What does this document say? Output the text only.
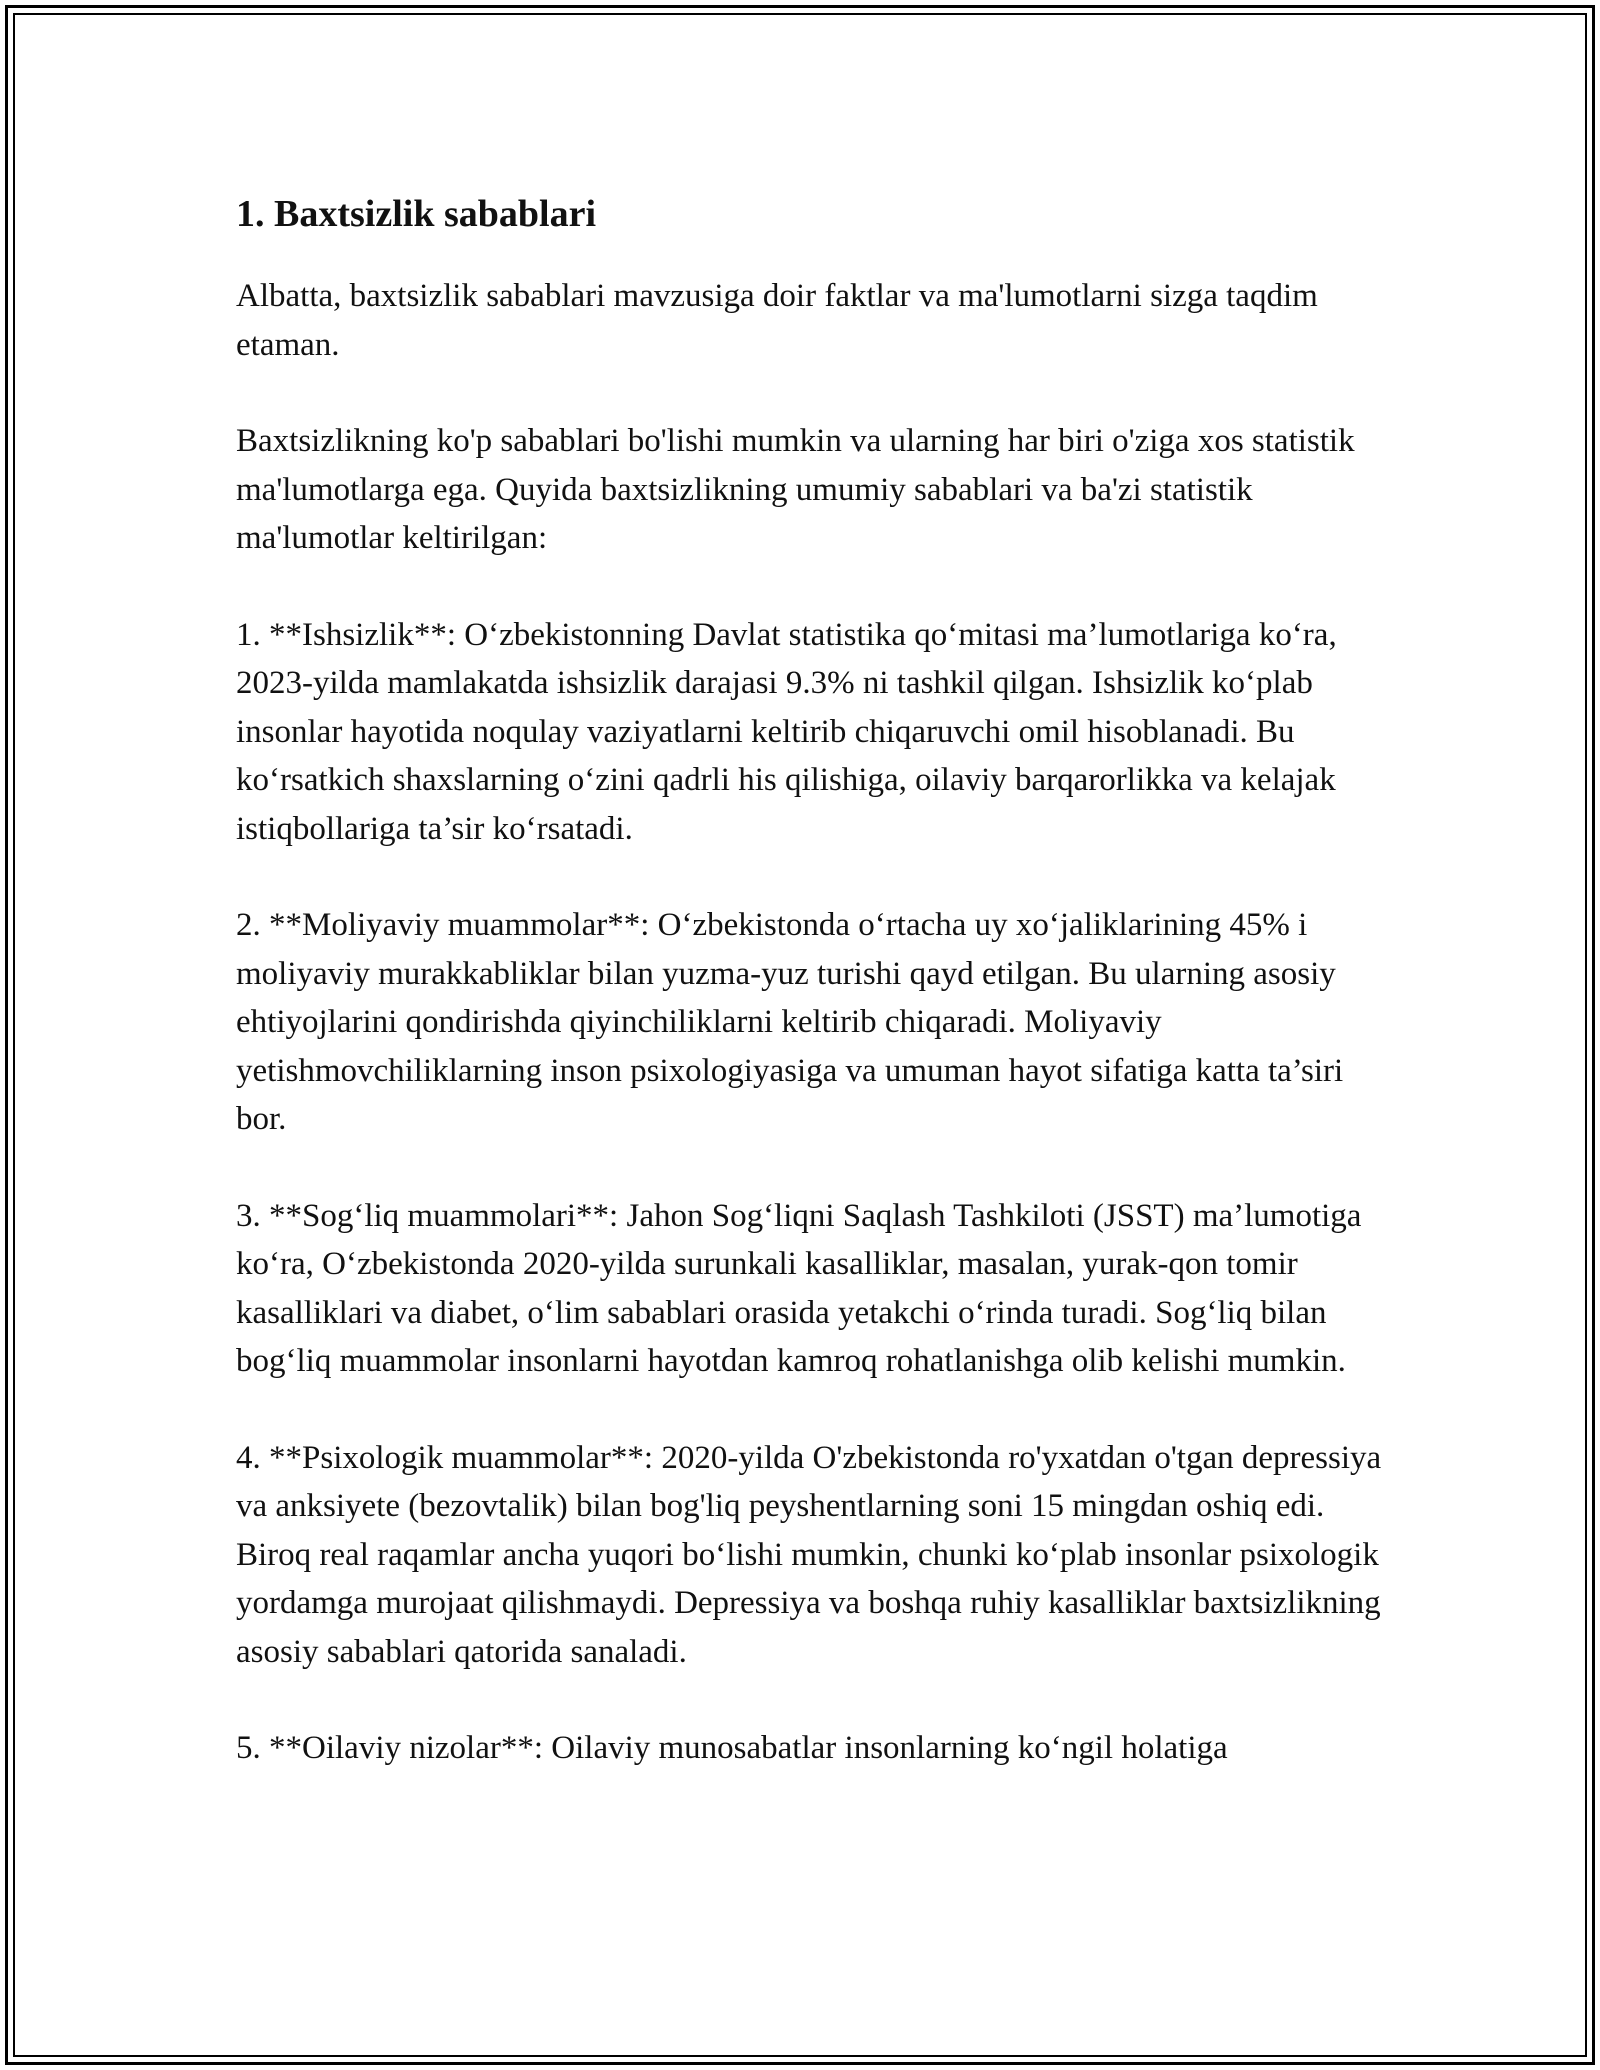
1. Baxtsizlik sabablari

Albatta, baxtsizlik sabablari mavzusiga doir faktlar va ma'lumotlarni sizga taqdim etaman.

Baxtsizlikning ko'p sabablari bo'lishi mumkin va ularning har biri o'ziga xos statistik ma'lumotlarga ega. Quyida baxtsizlikning umumiy sabablari va ba'zi statistik ma'lumotlar keltirilgan:

1. **Ishsizlik**: O‘zbekistonning Davlat statistika qo‘mitasi ma’lumotlariga ko‘ra, 2023-yilda mamlakatda ishsizlik darajasi 9.3% ni tashkil qilgan. Ishsizlik ko‘plab insonlar hayotida noqulay vaziyatlarni keltirib chiqaruvchi omil hisoblanadi. Bu ko‘rsatkich shaxslarning o‘zini qadrli his qilishiga, oilaviy barqarorlikka va kelajak istiqbollariga ta’sir ko‘rsatadi.

2. **Moliyaviy muammolar**: O‘zbekistonda o‘rtacha uy xo‘jaliklarining 45% i moliyaviy murakkabliklar bilan yuzma-yuz turishi qayd etilgan. Bu ularning asosiy ehtiyojlarini qondirishda qiyinchiliklarni keltirib chiqaradi. Moliyaviy yetishmovchiliklarning inson psixologiyasiga va umuman hayot sifatiga katta ta’siri bor.

3. **Sog‘liq muammolari**: Jahon Sog‘liqni Saqlash Tashkiloti (JSST) ma’lumotiga ko‘ra, O‘zbekistonda 2020-yilda surunkali kasalliklar, masalan, yurak-qon tomir kasalliklari va diabet, o‘lim sabablari orasida yetakchi o‘rinda turadi. Sog‘liq bilan bog‘liq muammolar insonlarni hayotdan kamroq rohatlanishga olib kelishi mumkin.

4. **Psixologik muammolar**: 2020-yilda O'zbekistonda ro'yxatdan o'tgan depressiya va anksiyete (bezovtalik) bilan bog'liq peyshentlarning soni 15 mingdan oshiq edi. Biroq real raqamlar ancha yuqori bo‘lishi mumkin, chunki ko‘plab insonlar psixologik yordamga murojaat qilishmaydi. Depressiya va boshqa ruhiy kasalliklar baxtsizlikning asosiy sabablari qatorida sanaladi.

5. **Oilaviy nizolar**: Oilaviy munosabatlar insonlarning ko‘ngil holatiga
